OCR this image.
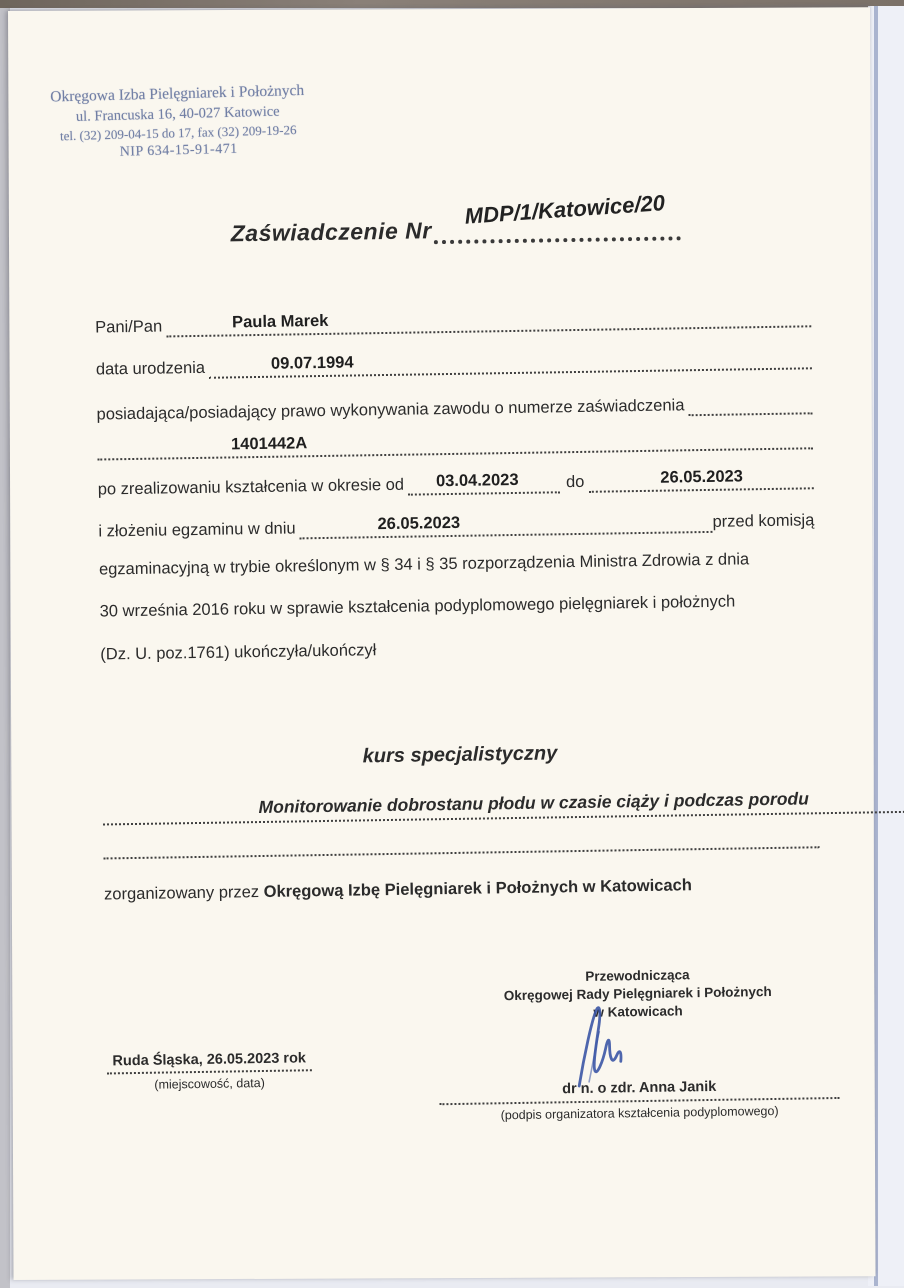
Okręgowa Izba Pielęgniarek i Położnych
ul. Francuska 16, 40-027 Katowice
tel. (32) 209-04-15 do 17, fax (32) 209-19-26
NIP 634-15-91-471
Zaświadczenie Nr
MDP/1/Katowice/20
Pani/Pan	Paula Marek
data urodzenia	09.07.1994
posiadająca/posiadający prawo wykonywania zawodu o numerze zaświadczenia
1401442A
po zrealizowaniu kształcenia w okresie od 03.04.2023	do	26.05.2023
i złożeniu egzaminu w dniu	26.05.2023	przed komisją
egzaminacyjną w trybie określonym w § 34 i § 35 rozporządzenia Ministra Zdrowia z dnia
30 września 2016 roku w sprawie kształcenia podyplomowego pielęgniarek i położnych
(Dz. U. poz.1761) ukończyła/ukończył
kurs specjalistyczny
Monitorowanie dobrostanu płodu w czasie ciąży i podczas porodu
zorganizowany przez Okręgową Izbę Pielęgniarek i Położnych w Katowicach
Przewodnicząca
Okręgowej Rady Pielęgniarek i Położnych
w Katowicach
dr n. o zdr. Anna Janik
(podpis organizatora kształcenia podyplomowego)
Ruda Śląska, 26.05.2023 rok
(miejscowość, data)
